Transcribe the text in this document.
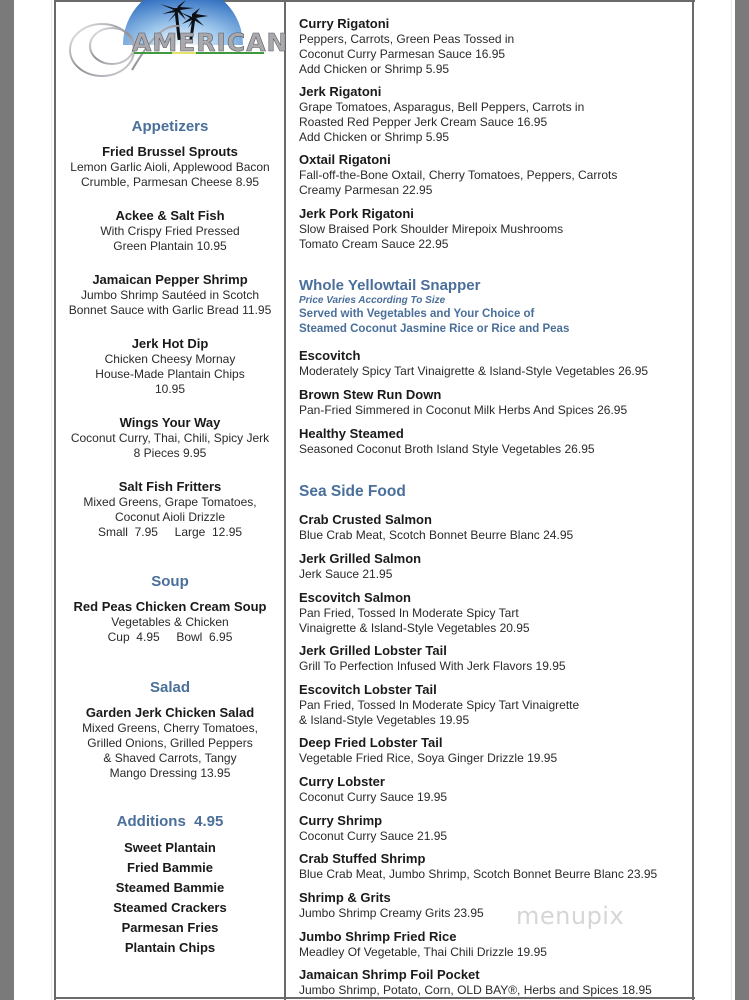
AMERICAN
Appetizers
Fried Brussel Sprouts
Lemon Garlic Aioli, Applewood Bacon
Crumble, Parmesan Cheese 8.95
Ackee & Salt Fish
With Crispy Fried Pressed
Green Plantain 10.95
Jamaican Pepper Shrimp
Jumbo Shrimp Sautéed in Scotch
Bonnet Sauce with Garlic Bread 11.95
Jerk Hot Dip
Chicken Cheesy Mornay
House-Made Plantain Chips
10.95
Wings Your Way
Coconut Curry, Thai, Chili, Spicy Jerk
8 Pieces 9.95
Salt Fish Fritters
Mixed Greens, Grape Tomatoes,
Coconut Aioli Drizzle
Small  7.95     Large  12.95
Soup
Red Peas Chicken Cream Soup
Vegetables & Chicken
Cup  4.95     Bowl  6.95
Salad
Garden Jerk Chicken Salad
Mixed Greens, Cherry Tomatoes,
Grilled Onions, Grilled Peppers
& Shaved Carrots, Tangy
Mango Dressing 13.95
Additions  4.95
Sweet Plantain
Fried Bammie
Steamed Bammie
Steamed Crackers
Parmesan Fries
Plantain Chips
Curry Rigatoni
Peppers, Carrots, Green Peas Tossed in
Coconut Curry Parmesan Sauce 16.95
Add Chicken or Shrimp 5.95
Jerk Rigatoni
Grape Tomatoes, Asparagus, Bell Peppers, Carrots in
Roasted Red Pepper Jerk Cream Sauce 16.95
Add Chicken or Shrimp 5.95
Oxtail Rigatoni
Fall-off-the-Bone Oxtail, Cherry Tomatoes, Peppers, Carrots
Creamy Parmesan 22.95
Jerk Pork Rigatoni
Slow Braised Pork Shoulder Mirepoix Mushrooms
Tomato Cream Sauce 22.95
Whole Yellowtail Snapper
Price Varies According To Size
Served with Vegetables and Your Choice of
Steamed Coconut Jasmine Rice or Rice and Peas
Escovitch
Moderately Spicy Tart Vinaigrette & Island-Style Vegetables 26.95
Brown Stew Run Down
Pan-Fried Simmered in Coconut Milk Herbs And Spices 26.95
Healthy Steamed
Seasoned Coconut Broth Island Style Vegetables 26.95
Sea Side Food
Crab Crusted Salmon
Blue Crab Meat, Scotch Bonnet Beurre Blanc 24.95
Jerk Grilled Salmon
Jerk Sauce 21.95
Escovitch Salmon
Pan Fried, Tossed In Moderate Spicy Tart
Vinaigrette & Island-Style Vegetables 20.95
Jerk Grilled Lobster Tail
Grill To Perfection Infused With Jerk Flavors 19.95
Escovitch Lobster Tail
Pan Fried, Tossed In Moderate Spicy Tart Vinaigrette
& Island-Style Vegetables 19.95
Deep Fried Lobster Tail
Vegetable Fried Rice, Soya Ginger Drizzle 19.95
Curry Lobster
Coconut Curry Sauce 19.95
Curry Shrimp
Coconut Curry Sauce 21.95
Crab Stuffed Shrimp
Blue Crab Meat, Jumbo Shrimp, Scotch Bonnet Beurre Blanc 23.95
Shrimp & Grits
Jumbo Shrimp Creamy Grits 23.95
Jumbo Shrimp Fried Rice
Meadley Of Vegetable, Thai Chili Drizzle 19.95
Jamaican Shrimp Foil Pocket
Jumbo Shrimp, Potato, Corn, OLD BAY®, Herbs and Spices 18.95
menupix
